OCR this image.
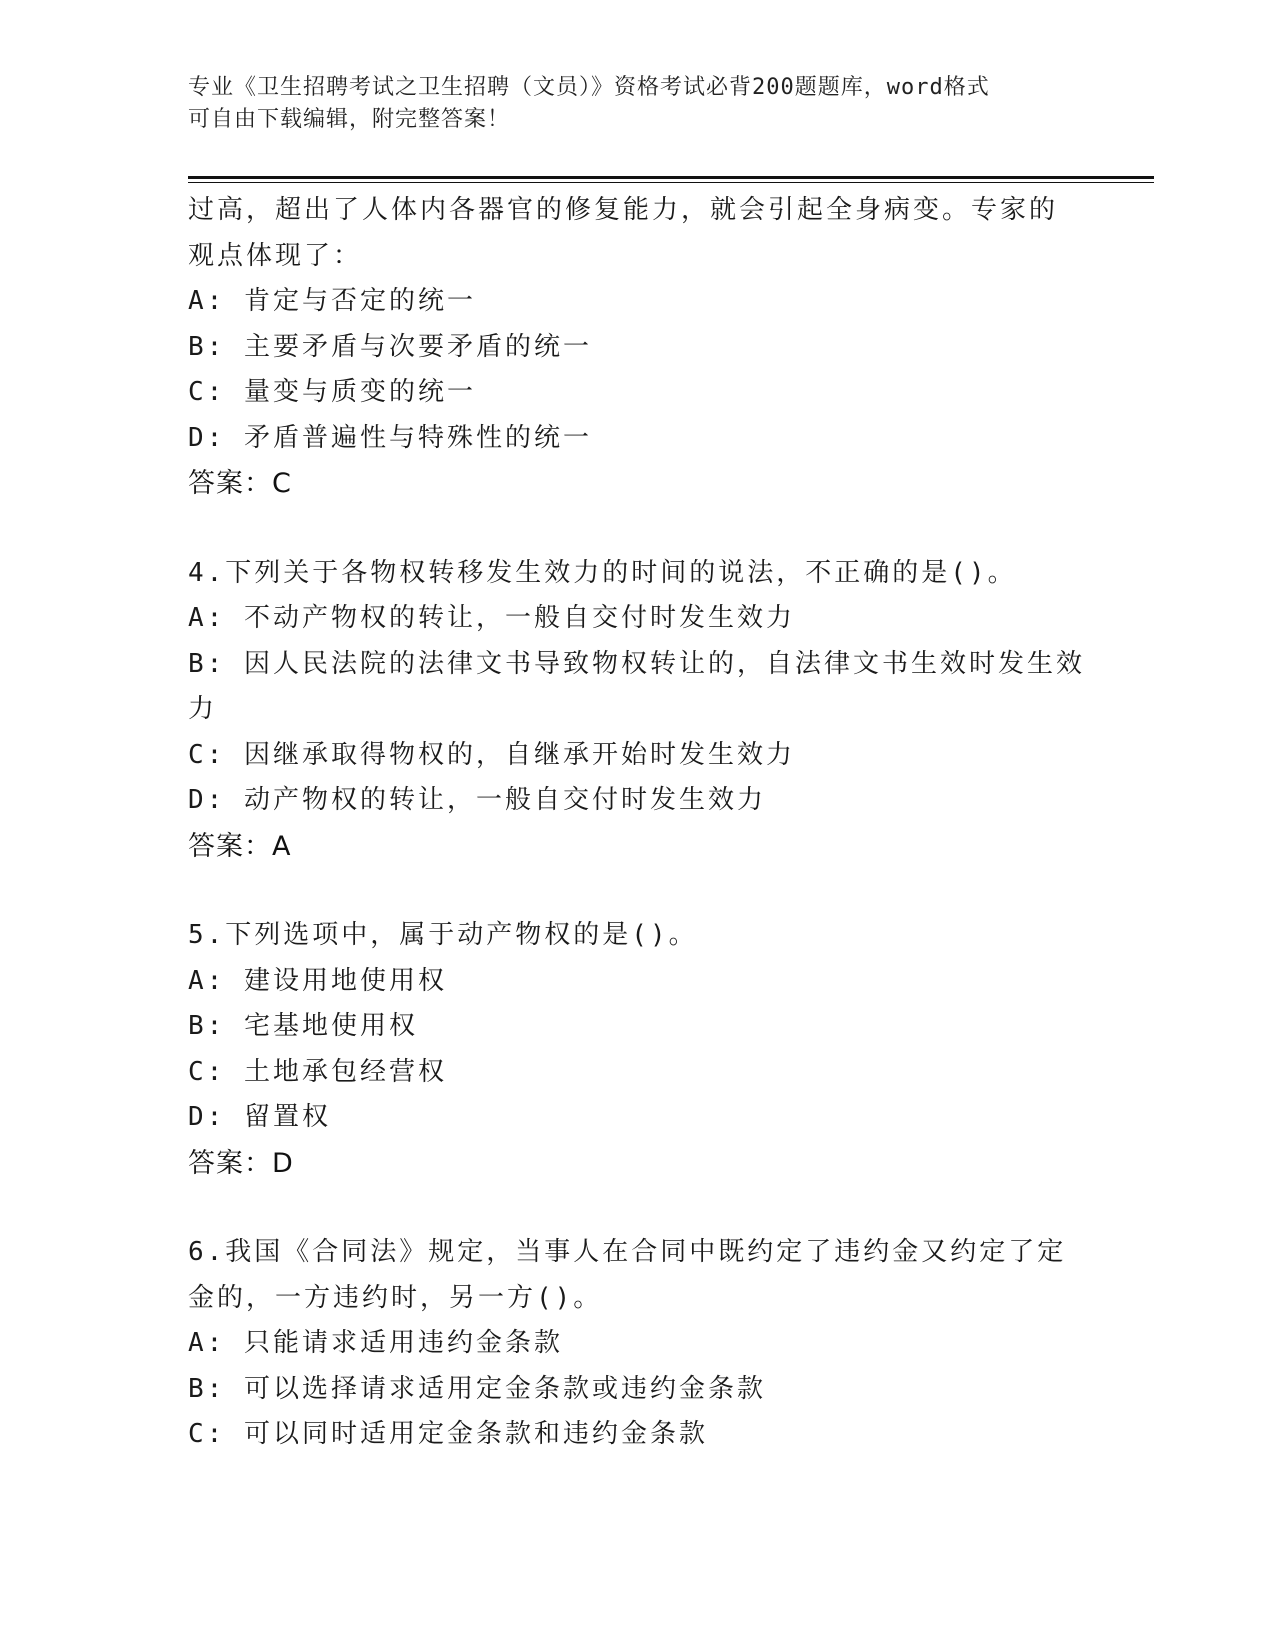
专业《卫生招聘考试之卫生招聘（文员）》资格考试必背200题题库，word格式
可自由下载编辑，附完整答案！
过高，超出了人体内各器官的修复能力，就会引起全身病变。专家的
观点体现了：
A: 肯定与否定的统一
B: 主要矛盾与次要矛盾的统一
C: 量变与质变的统一
D: 矛盾普遍性与特殊性的统一
答案：C
4.下列关于各物权转移发生效力的时间的说法，不正确的是()。
A: 不动产物权的转让，一般自交付时发生效力
B: 因人民法院的法律文书导致物权转让的，自法律文书生效时发生效
力
C: 因继承取得物权的，自继承开始时发生效力
D: 动产物权的转让，一般自交付时发生效力
答案：A
5.下列选项中，属于动产物权的是()。
A: 建设用地使用权
B: 宅基地使用权
C: 土地承包经营权
D: 留置权
答案：D
6.我国《合同法》规定，当事人在合同中既约定了违约金又约定了定
金的，一方违约时，另一方()。
A: 只能请求适用违约金条款
B: 可以选择请求适用定金条款或违约金条款
C: 可以同时适用定金条款和违约金条款
